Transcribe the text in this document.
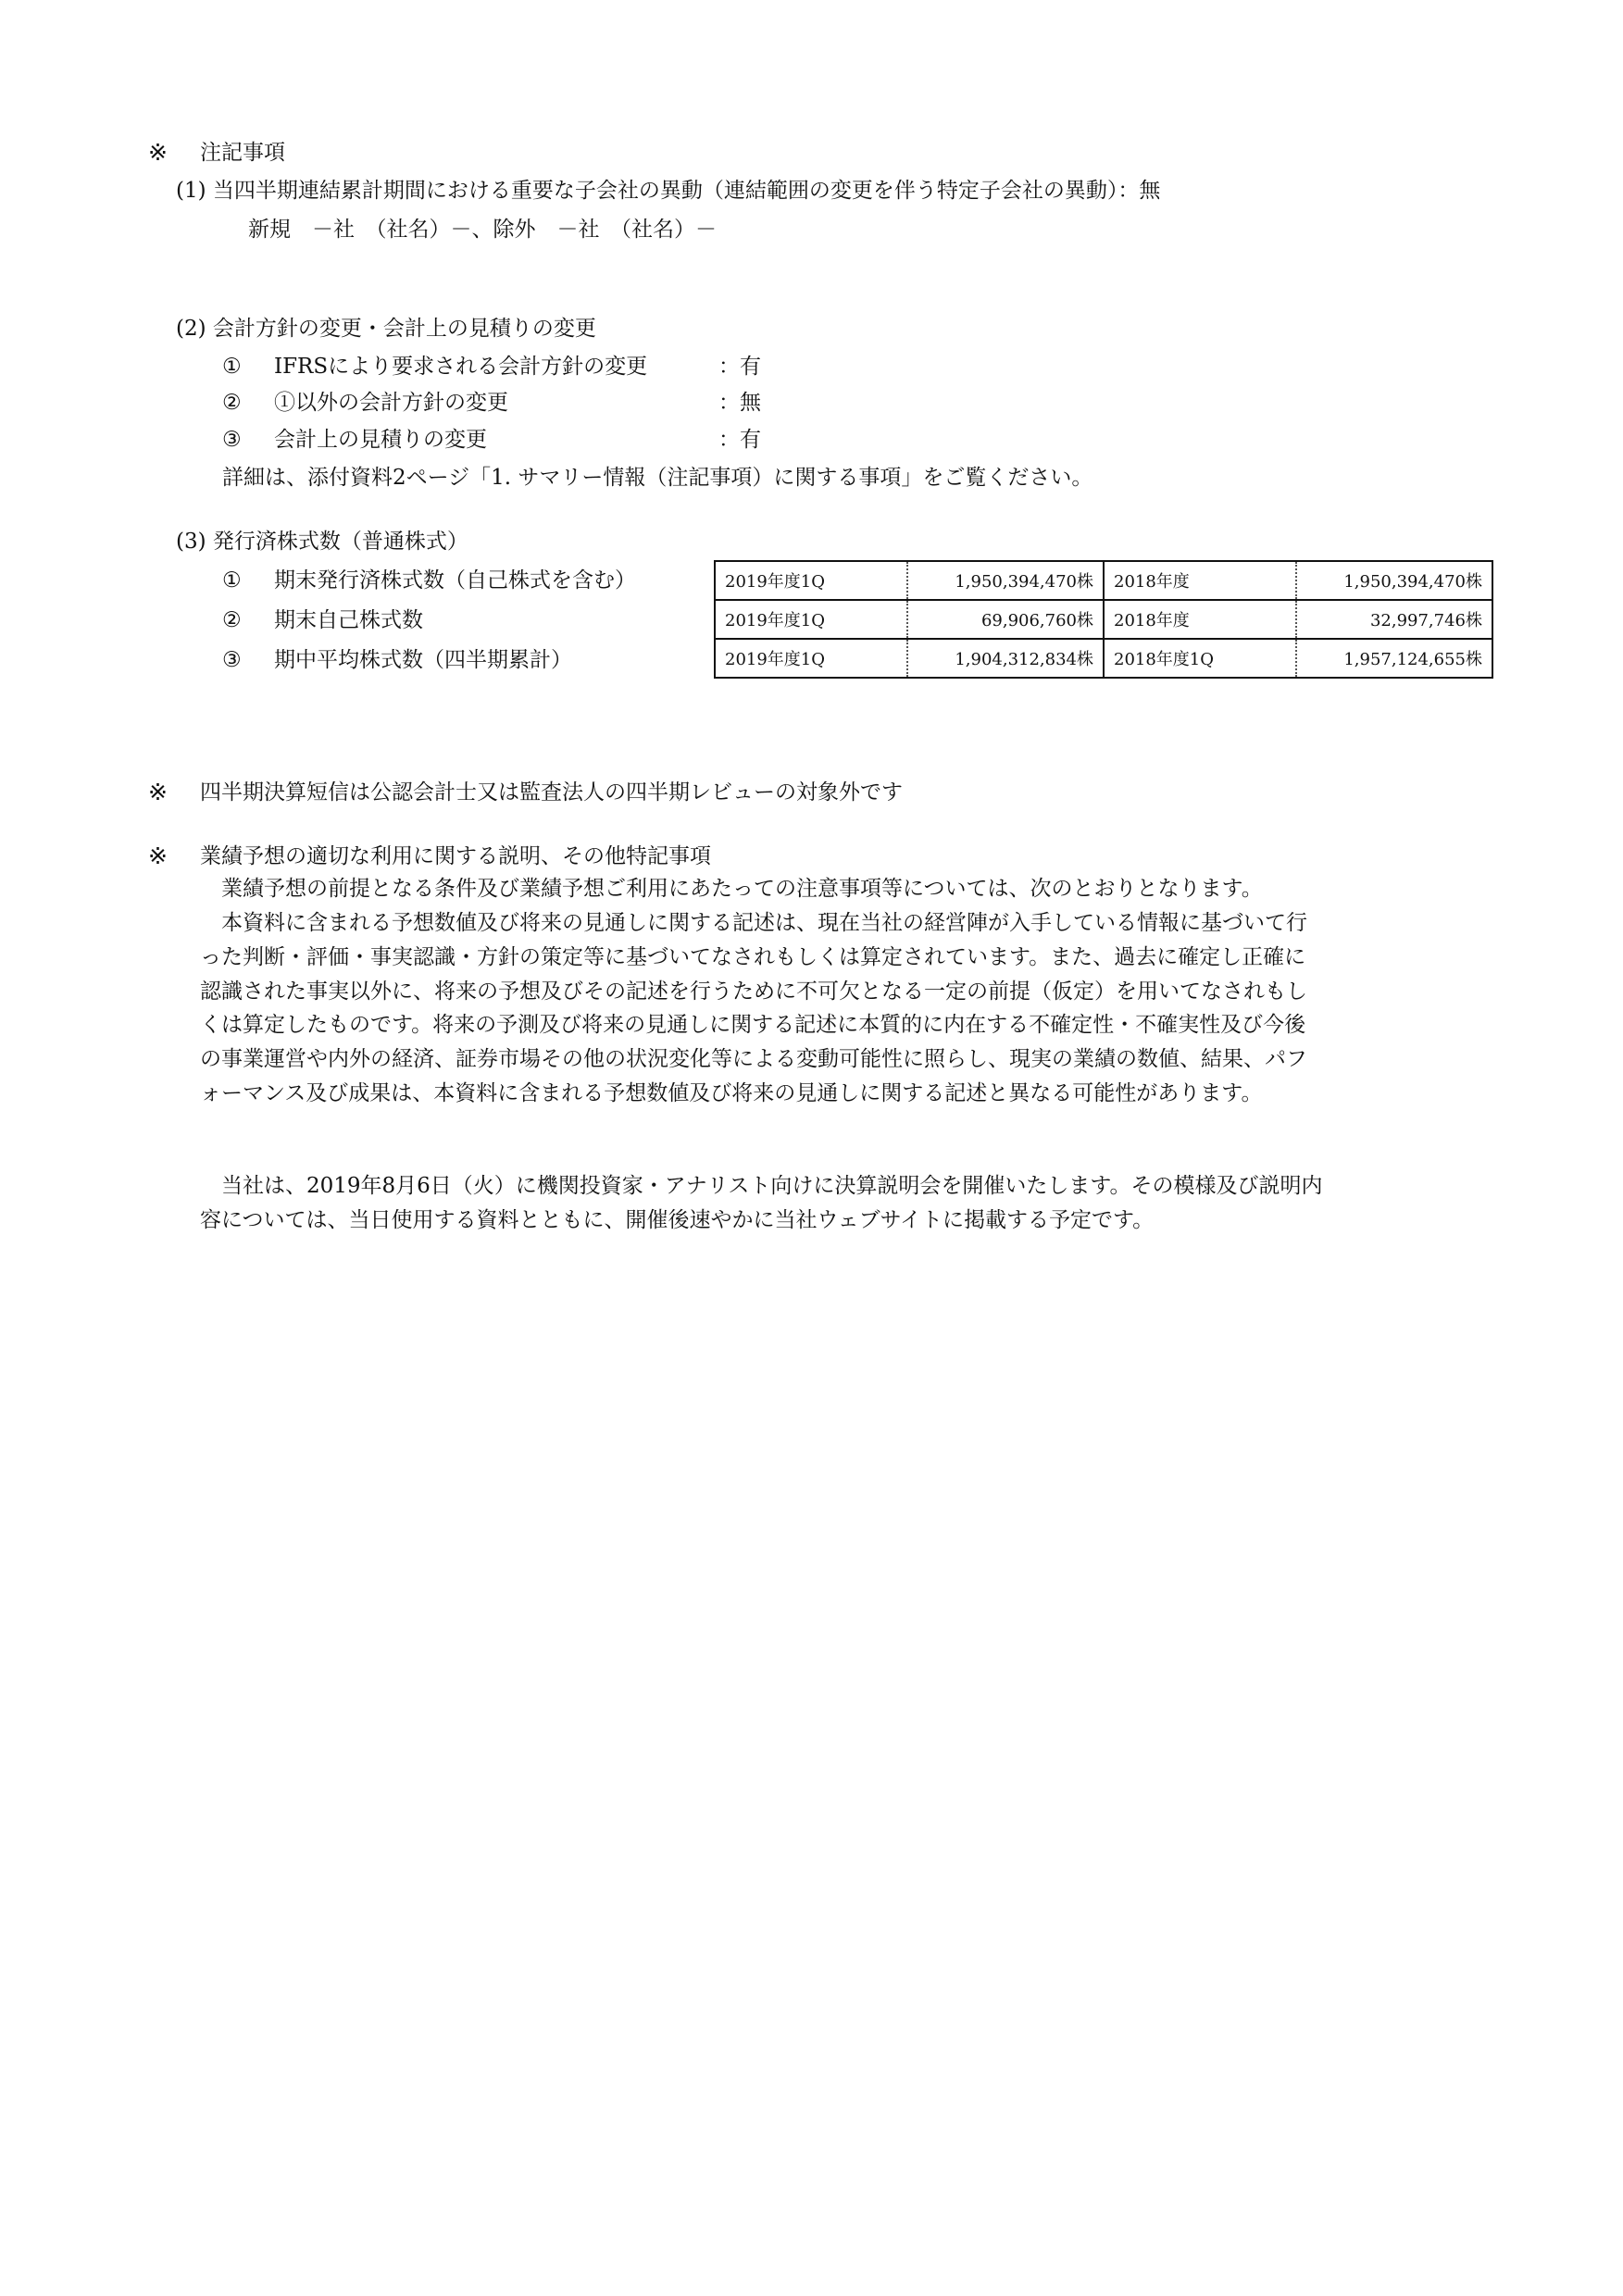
※ 注記事項
(1) 当四半期連結累計期間における重要な子会社の異動（連結範囲の変更を伴う特定子会社の異動）：無
新規　－社　（社名）－、除外　－社　（社名）－
(2) 会計方針の変更・会計上の見積りの変更
① IFRSにより要求される会計方針の変更	：有
② ①以外の会計方針の変更	：無
③ 会計上の見積りの変更	：有
詳細は、添付資料2ページ「1. サマリー情報（注記事項）に関する事項」をご覧ください。
(3) 発行済株式数（普通株式）
① 期末発行済株式数（自己株式を含む）
② 期末自己株式数
③ 期中平均株式数（四半期累計）
2019年度1Q	1,950,394,470株	2018年度	1,950,394,470株
2019年度1Q	69,906,760株	2018年度	32,997,746株
2019年度1Q	1,904,312,834株	2018年度1Q	1,957,124,655株
※ 四半期決算短信は公認会計士又は監査法人の四半期レビューの対象外です
※ 業績予想の適切な利用に関する説明、その他特記事項
業績予想の前提となる条件及び業績予想ご利用にあたっての注意事項等については、次のとおりとなります。
本資料に含まれる予想数値及び将来の見通しに関する記述は、現在当社の経営陣が入手している情報に基づいて行
った判断・評価・事実認識・方針の策定等に基づいてなされもしくは算定されています。また、過去に確定し正確に
認識された事実以外に、将来の予想及びその記述を行うために不可欠となる一定の前提（仮定）を用いてなされもし
くは算定したものです。将来の予測及び将来の見通しに関する記述に本質的に内在する不確定性・不確実性及び今後
の事業運営や内外の経済、証券市場その他の状況変化等による変動可能性に照らし、現実の業績の数値、結果、パフ
ォーマンス及び成果は、本資料に含まれる予想数値及び将来の見通しに関する記述と異なる可能性があります。
当社は、2019年8月6日（火）に機関投資家・アナリスト向けに決算説明会を開催いたします。その模様及び説明内
容については、当日使用する資料とともに、開催後速やかに当社ウェブサイトに掲載する予定です。
